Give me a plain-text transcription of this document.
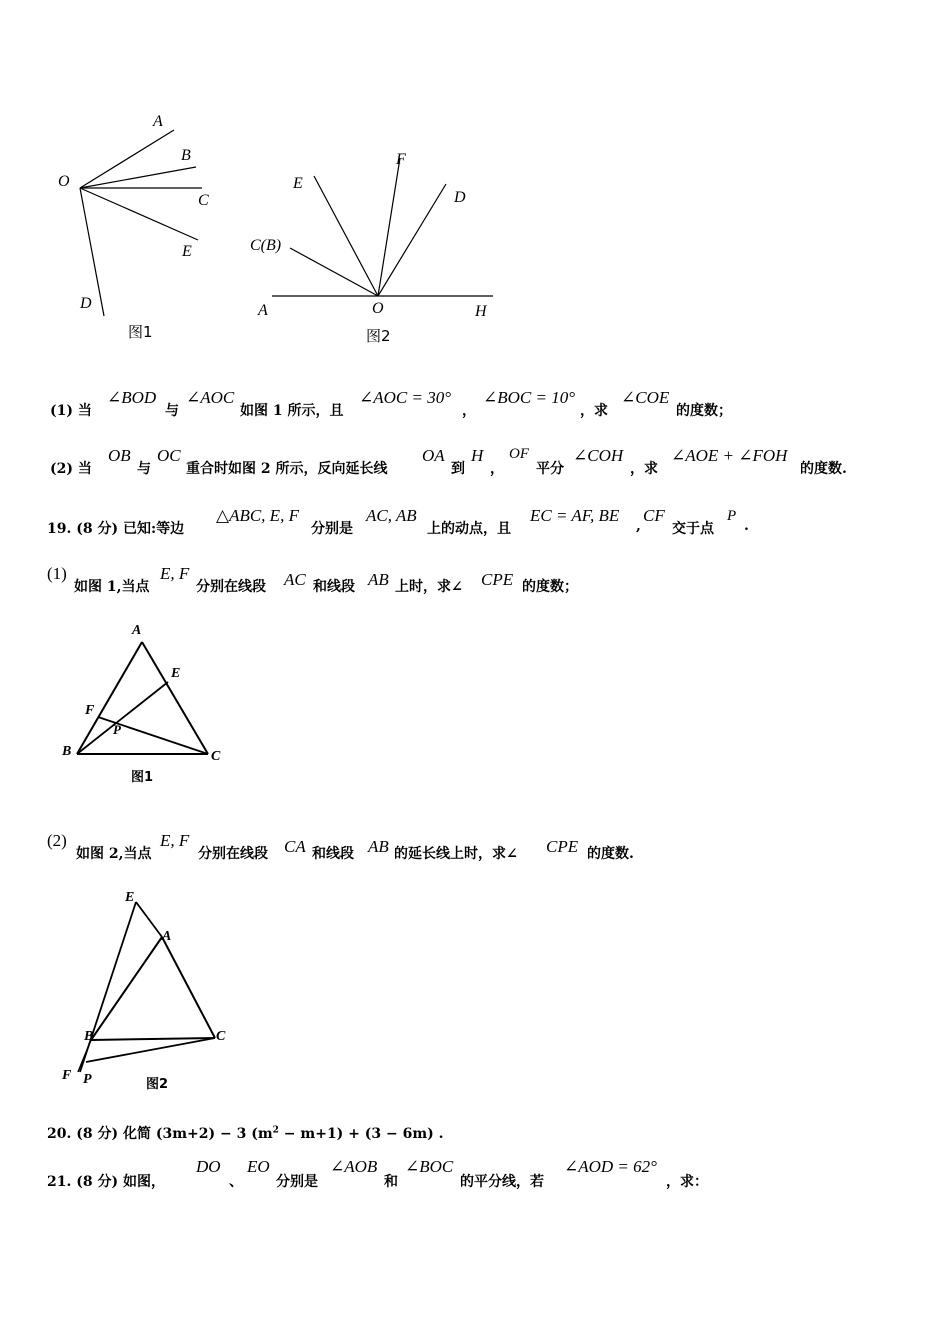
A
B
C
O
E
D
图1
F
E
D
C(B)
A	O	H
图2
(1) 当
∠BOD
与
∠AOC
如图 1 所示，且
∠AOC = 30°
，
∠BOC = 10°
，求
∠COE
的度数；
(2) 当
OB
与
OC
重合时如图 2 所示，反向延长线
OA
到
H
，
OF
平分
∠COH
，求
∠AOE + ∠FOH
的度数.
19. (8 分) 已知:等边
△ABC, E, F
分别是
AC, AB
上的动点，且
EC = AF, BE
,
CF
交于点
P
.
(1)
如图 1,当点
E, F
分别在线段 AC 和线段 AB 上时，求∠ CPE 的度数；
A
E
F
P
B	C
图1
(2)
如图 2,当点
E, F
分别在线段 CA 和线段 AB 的延长线上时，求∠ CPE 的度数.
E
A
B	C
F P	图2
20. (8 分) 化简 (3m+2) − 3 $(m^2 - m+1) + (3 - 6m)$ .
21. (8 分) 如图，
DO
、
EO
分别是
∠AOB
和
∠BOC
的平分线，若
∠AOD = 62°
，求：
